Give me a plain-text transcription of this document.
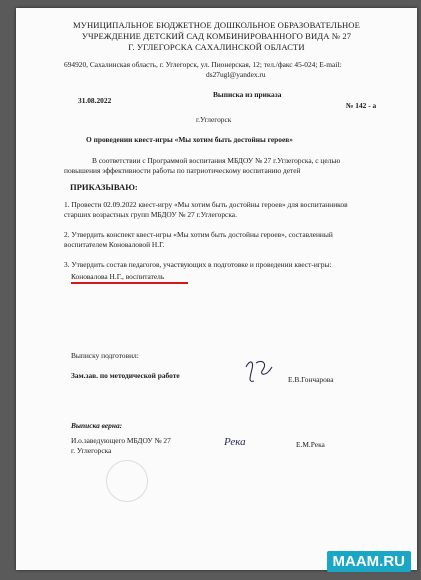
МУНИЦИПАЛЬНОЕ БЮДЖЕТНОЕ ДОШКОЛЬНОЕ ОБРАЗОВАТЕЛЬНОЕ
УЧРЕЖДЕНИЕ ДЕТСКИЙ САД КОМБИНИРОВАННОГО ВИДА № 27
Г. УГЛЕГОРСКА САХАЛИНСКОЙ ОБЛАСТИ
694920, Сахалинская область, г. Углегорск, ул. Пионерская, 12; тел./факс 45-024; E-mail:
ds27ugl@yandex.ru
31.08.2022
Выписка из приказа
№ 142 - а
г.Углегорск
О проведении квест-игры «Мы хотим быть достойны героев»
В соответствии с Программой воспитания МБДОУ № 27 г.Углегорска, с целью
повышения эффективности работы по патриотическому воспитанию детей
ПРИКАЗЫВАЮ:
1. Провести 02.09.2022 квест-игру «Мы хотим быть достойны героев» для воспитанников
старших возрастных групп МБДОУ № 27 г.Углегорска.
2. Утвердить конспект квест-игры «Мы хотим быть достойны героев», составленный
воспитателем Коноваловой Н.Г.
3. Утвердить состав педагогов, участвующих в подготовке и проведении квест-игры:
Коновалова Н.Г., воспитатель
Выписку подготовил:
Зам.зав. по методической работе	Е.В.Гончарова
Выписка верна:
И.о.заведующего МБДОУ № 27
г. Углегорска
Река	Е.М.Река
MAAM.RU
